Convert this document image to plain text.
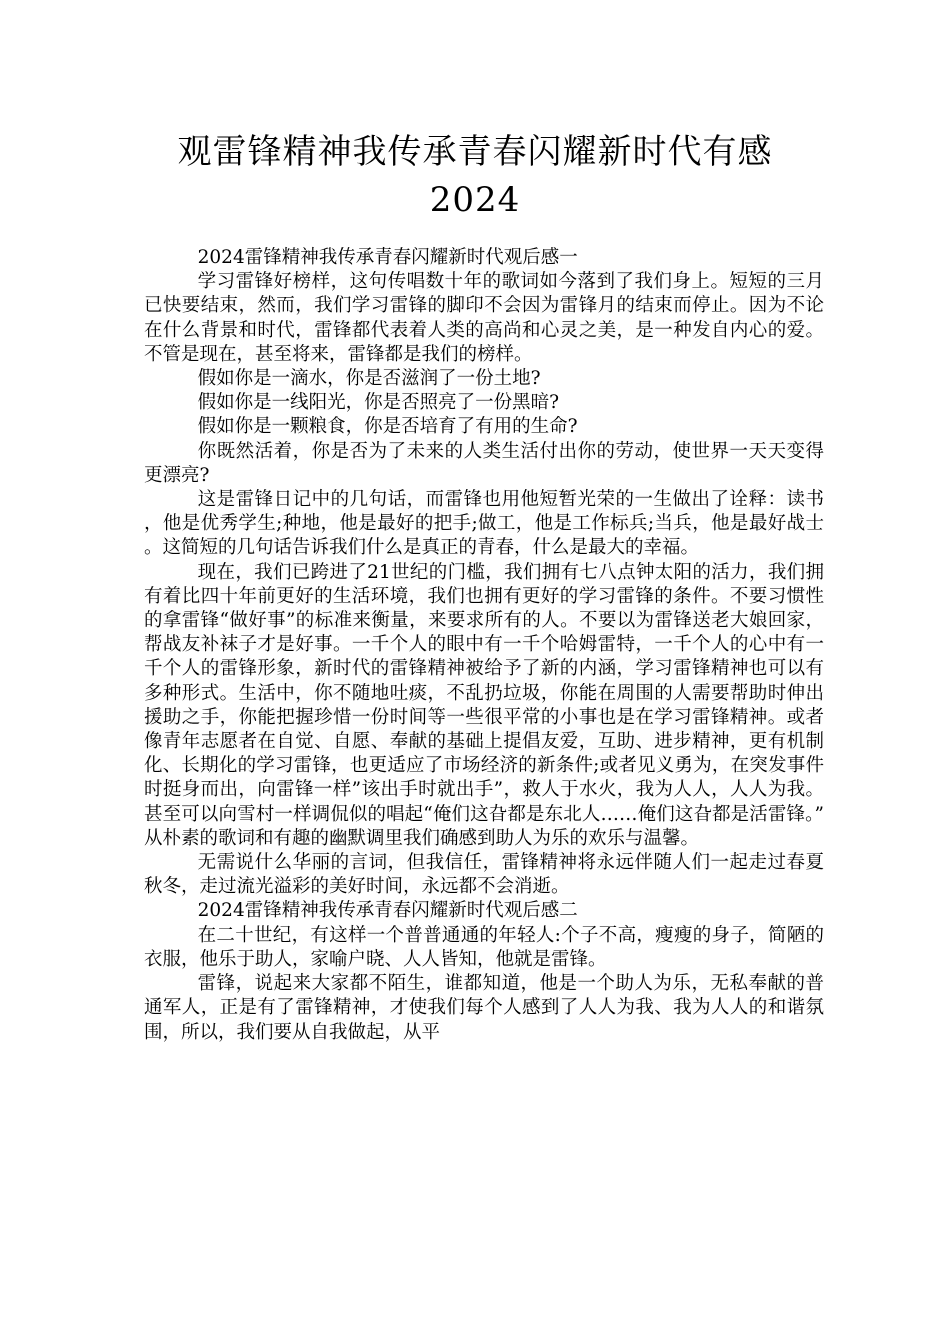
观雷锋精神我传承青春闪耀新时代有感
2024

2024雷锋精神我传承青春闪耀新时代观后感一

学习雷锋好榜样，这句传唱数十年的歌词如今落到了我们身上。短短的三月已快要结束，然而，我们学习雷锋的脚印不会因为雷锋月的结束而停止。因为不论在什么背景和时代，雷锋都代表着人类的高尚和心灵之美，是一种发自内心的爱。不管是现在，甚至将来，雷锋都是我们的榜样。

假如你是一滴水，你是否滋润了一份土地?

假如你是一线阳光，你是否照亮了一份黑暗?

假如你是一颗粮食，你是否培育了有用的生命?

你既然活着，你是否为了未来的人类生活付出你的劳动，使世界一天天变得更漂亮?

这是雷锋日记中的几句话，而雷锋也用他短暂光荣的一生做出了诠释：读书，他是优秀学生;种地，他是最好的把手;做工，他是工作标兵;当兵，他是最好战士。这简短的几句话告诉我们什么是真正的青春，什么是最大的幸福。

现在，我们已跨进了21世纪的门槛，我们拥有七八点钟太阳的活力，我们拥有着比四十年前更好的生活环境，我们也拥有更好的学习雷锋的条件。不要习惯性的拿雷锋“做好事”的标准来衡量，来要求所有的人。不要以为雷锋送老大娘回家，帮战友补袜子才是好事。一千个人的眼中有一千个哈姆雷特，一千个人的心中有一千个人的雷锋形象，新时代的雷锋精神被给予了新的内涵，学习雷锋精神也可以有多种形式。生活中，你不随地吐痰，不乱扔垃圾，你能在周围的人需要帮助时伸出援助之手，你能把握珍惜一份时间等一些很平常的小事也是在学习雷锋精神。或者像青年志愿者在自觉、自愿、奉献的基础上提倡友爱，互助、进步精神，更有机制化、长期化的学习雷锋，也更适应了市场经济的新条件;或者见义勇为，在突发事件时挺身而出，向雷锋一样”该出手时就出手”，救人于水火，我为人人，人人为我。甚至可以向雪村一样调侃似的唱起“俺们这旮都是东北人……俺们这旮都是活雷锋。”从朴素的歌词和有趣的幽默调里我们确感到助人为乐的欢乐与温馨。

无需说什么华丽的言词，但我信任，雷锋精神将永远伴随人们一起走过春夏秋冬，走过流光溢彩的美好时间，永远都不会消逝。

2024雷锋精神我传承青春闪耀新时代观后感二

在二十世纪，有这样一个普普通通的年轻人:个子不高，瘦瘦的身子，简陋的衣服，他乐于助人，家喻户晓、人人皆知，他就是雷锋。

雷锋，说起来大家都不陌生，谁都知道，他是一个助人为乐，无私奉献的普通军人，正是有了雷锋精神，才使我们每个人感到了人人为我、我为人人的和谐氛围，所以，我们要从自我做起，从平
